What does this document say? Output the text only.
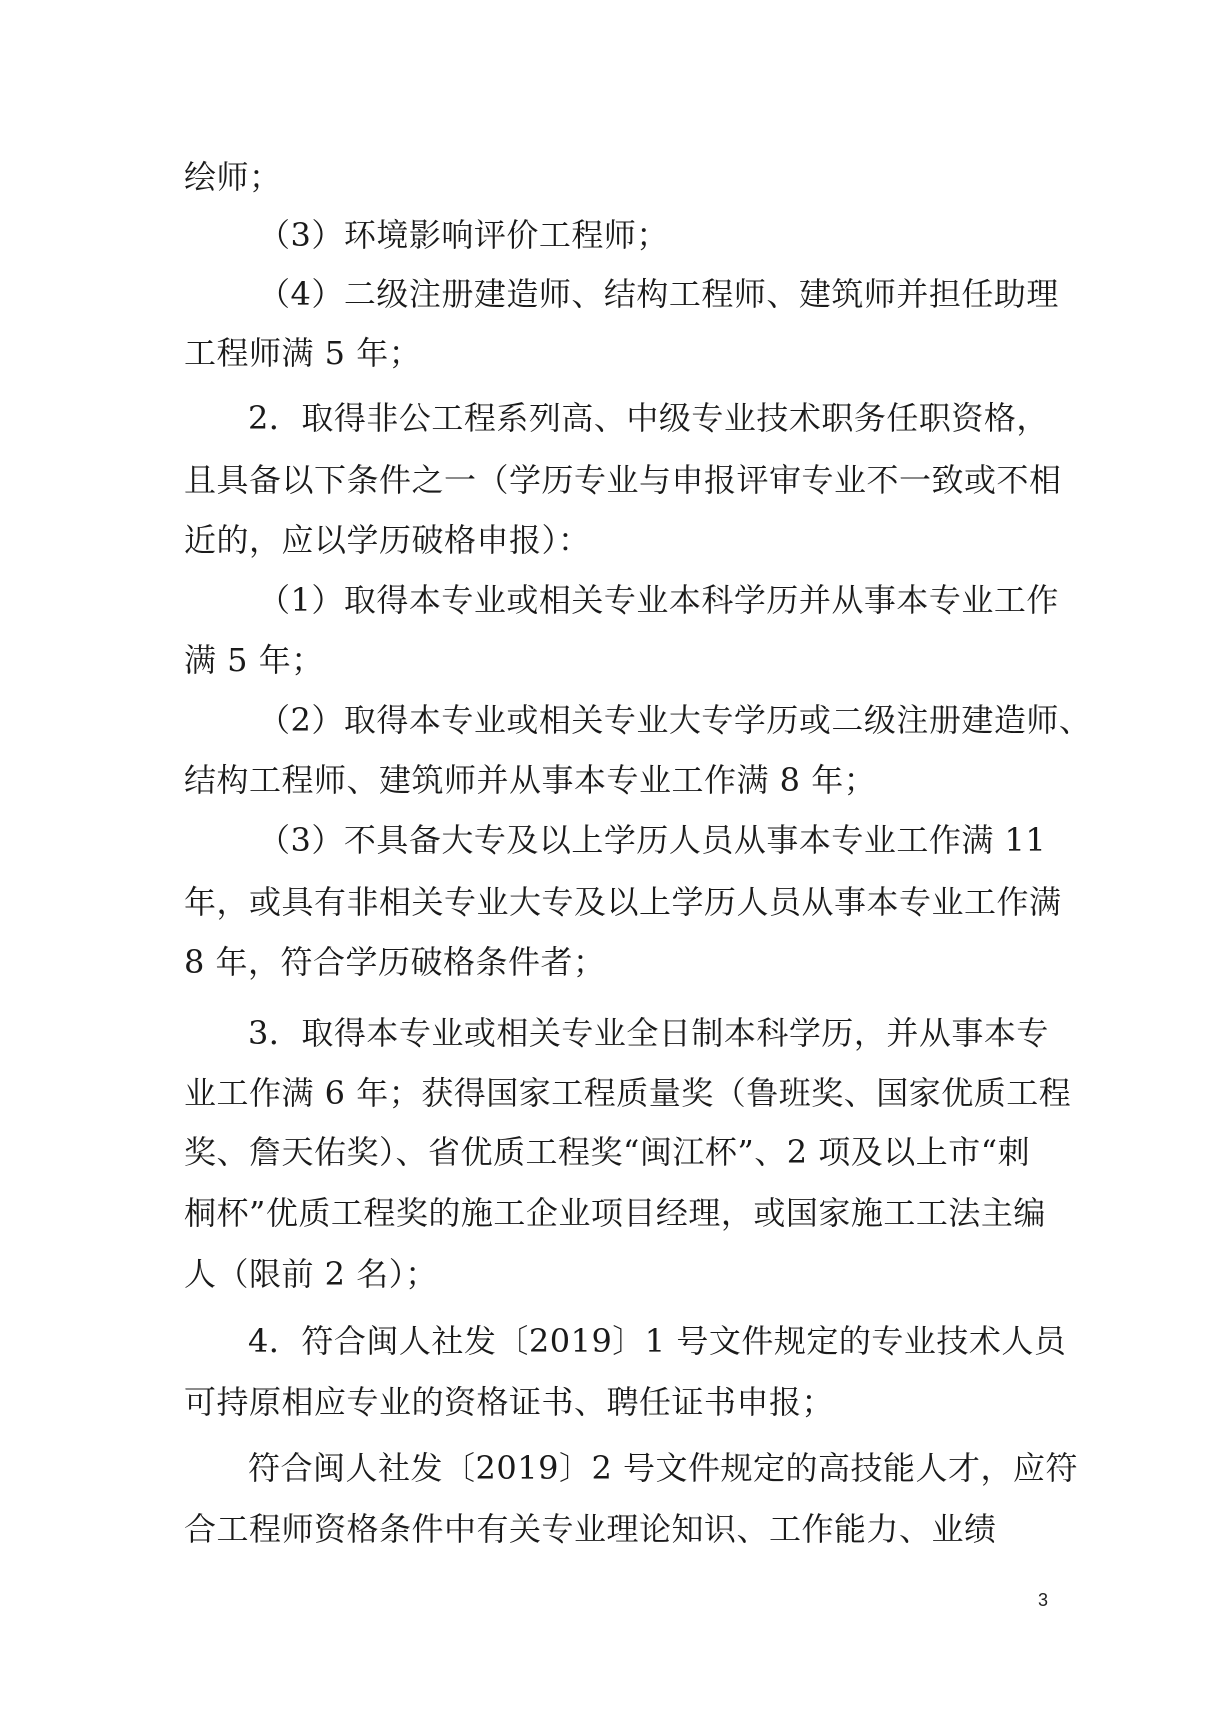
绘师；
（3）环境影响评价工程师；
（4）二级注册建造师、结构工程师、建筑师并担任助理
工程师满 5 年；
2．取得非公工程系列高、中级专业技术职务任职资格，
且具备以下条件之一（学历专业与申报评审专业不一致或不相
近的，应以学历破格申报）：
（1）取得本专业或相关专业本科学历并从事本专业工作
满 5 年；
（2）取得本专业或相关专业大专学历或二级注册建造师、
结构工程师、建筑师并从事本专业工作满 8 年；
（3）不具备大专及以上学历人员从事本专业工作满 11
年，或具有非相关专业大专及以上学历人员从事本专业工作满
8 年，符合学历破格条件者；
3．取得本专业或相关专业全日制本科学历，并从事本专
业工作满 6 年；获得国家工程质量奖（鲁班奖、国家优质工程
奖、詹天佑奖）、省优质工程奖“闽江杯”、2 项及以上市“刺
桐杯”优质工程奖的施工企业项目经理，或国家施工工法主编
人（限前 2 名）；
4．符合闽人社发〔2019〕1 号文件规定的专业技术人员
可持原相应专业的资格证书、聘任证书申报；
符合闽人社发〔2019〕2 号文件规定的高技能人才，应符
合工程师资格条件中有关专业理论知识、工作能力、业绩
3
